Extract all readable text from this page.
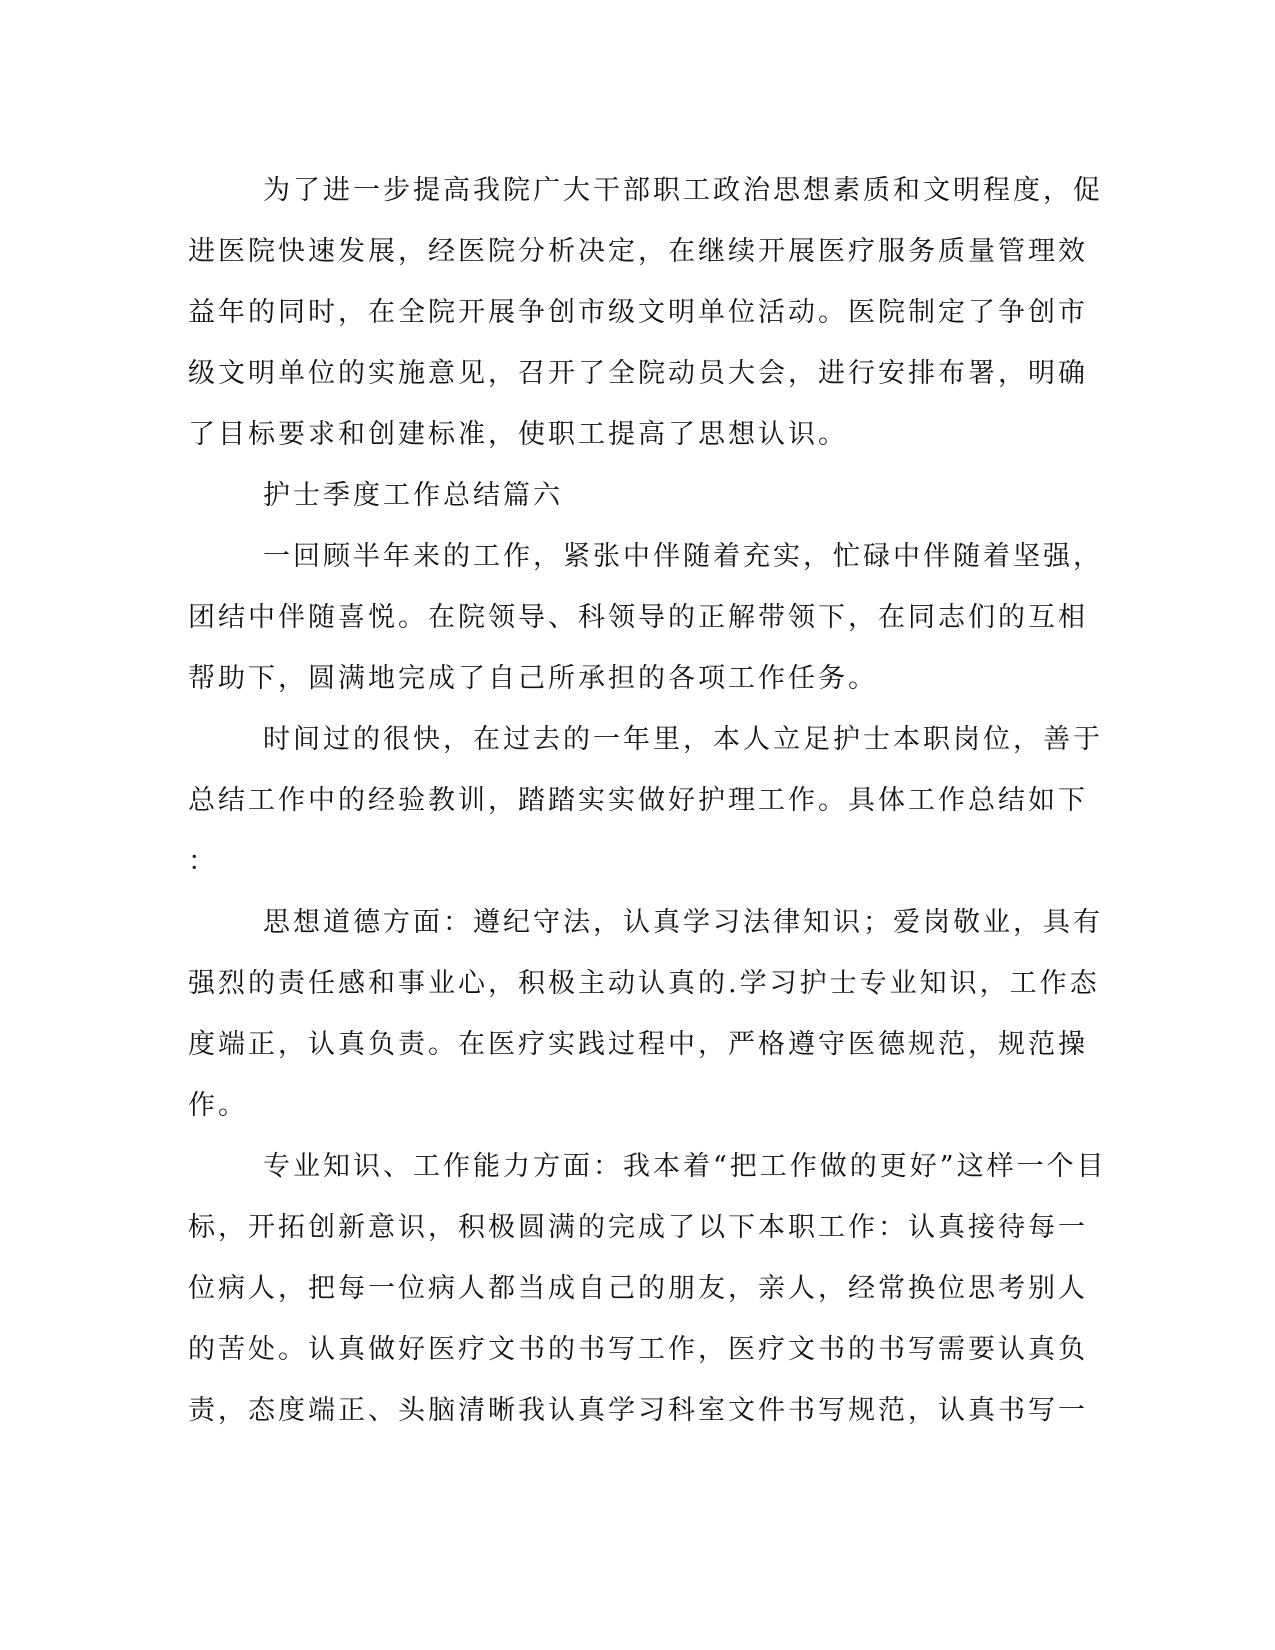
为了进一步提高我院广大干部职工政治思想素质和文明程度，促
进医院快速发展，经医院分析决定，在继续开展医疗服务质量管理效
益年的同时，在全院开展争创市级文明单位活动。医院制定了争创市
级文明单位的实施意见，召开了全院动员大会，进行安排布署，明确
了目标要求和创建标准，使职工提高了思想认识。
护士季度工作总结篇六
一回顾半年来的工作，紧张中伴随着充实，忙碌中伴随着坚强，
团结中伴随喜悦。在院领导、科领导的正解带领下，在同志们的互相
帮助下，圆满地完成了自己所承担的各项工作任务。
时间过的很快，在过去的一年里，本人立足护士本职岗位，善于
总结工作中的经验教训，踏踏实实做好护理工作。具体工作总结如下
：
思想道德方面：遵纪守法，认真学习法律知识；爱岗敬业，具有
强烈的责任感和事业心，积极主动认真的.学习护士专业知识，工作态
度端正，认真负责。在医疗实践过程中，严格遵守医德规范，规范操
作。
专业知识、工作能力方面：我本着“把工作做的更好”这样一个目
标，开拓创新意识，积极圆满的完成了以下本职工作：认真接待每一
位病人，把每一位病人都当成自己的朋友，亲人，经常换位思考别人
的苦处。认真做好医疗文书的书写工作，医疗文书的书写需要认真负
责，态度端正、头脑清晰我认真学习科室文件书写规范，认真书写一
